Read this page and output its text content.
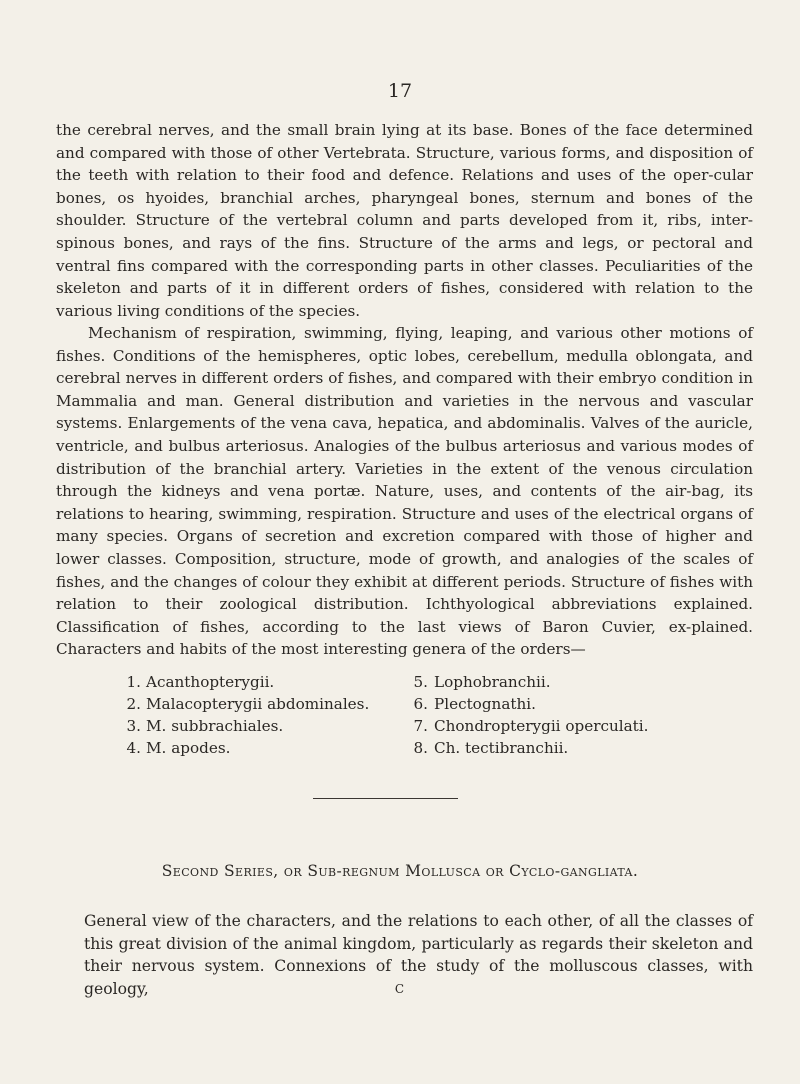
17
the cerebral nerves, and the small brain lying at its base. Bones of the face determined and compared with those of other Vertebrata. Structure, various forms, and disposition of the teeth with relation to their food and defence. Relations and uses of the oper-cular bones, os hyoides, branchial arches, pharyngeal bones, sternum and bones of the shoulder. Structure of the vertebral column and parts developed from it, ribs, inter-spinous bones, and rays of the fins. Structure of the arms and legs, or pectoral and ventral fins compared with the corresponding parts in other classes. Peculiarities of the skeleton and parts of it in different orders of fishes, considered with relation to the various living conditions of the species.
Mechanism of respiration, swimming, flying, leaping, and various other motions of fishes. Conditions of the hemispheres, optic lobes, cerebellum, medulla oblongata, and cerebral nerves in different orders of fishes, and compared with their embryo condition in Mammalia and man. General distribution and varieties in the nervous and vascular systems. Enlargements of the vena cava, hepatica, and abdominalis. Valves of the auricle, ventricle, and bulbus arteriosus. Analogies of the bulbus arteriosus and various modes of distribution of the branchial artery. Varieties in the extent of the venous circulation through the kidneys and vena portæ. Nature, uses, and contents of the air-bag, its relations to hearing, swimming, respiration. Structure and uses of the electrical organs of many species. Organs of secretion and excretion compared with those of higher and lower classes. Composition, structure, mode of growth, and analogies of the scales of fishes, and the changes of colour they exhibit at different periods. Structure of fishes with relation to their zoological distribution. Ichthyological abbreviations explained. Classification of fishes, according to the last views of Baron Cuvier, ex-plained. Characters and habits of the most interesting genera of the orders—
1. Acanthopterygii.	5. Lophobranchii.
2. Malacopterygii abdominales.	6. Plectognathi.
3. M. subbrachiales.	7. Chondropterygii operculati.
4. M. apodes.	8. Ch. tectibranchii.
Second Series, or Sub-regnum Mollusca or Cyclo-gangliata.
General view of the characters, and the relations to each other, of all the classes of this great division of the animal kingdom, particularly as regards their skeleton and their nervous system. Connexions of the study of the molluscous classes, with geology,	C
